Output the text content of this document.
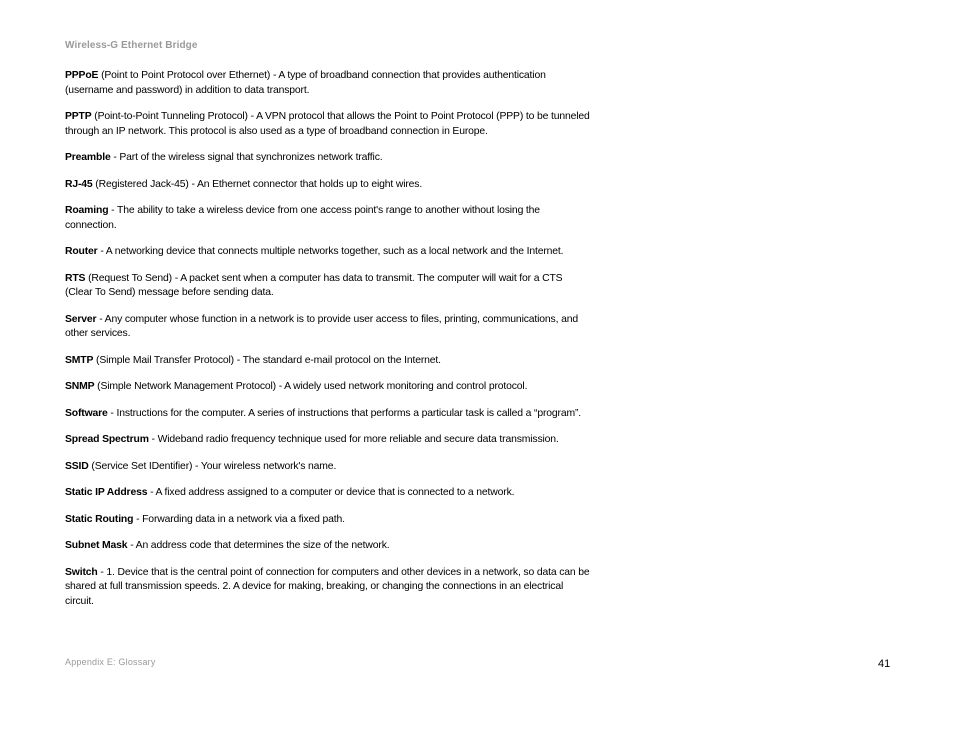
Wireless-G Ethernet Bridge

PPPoE (Point to Point Protocol over Ethernet) - A type of broadband connection that provides authentication (username and password) in addition to data transport.

PPTP (Point-to-Point Tunneling Protocol) - A VPN protocol that allows the Point to Point Protocol (PPP) to be tunneled through an IP network. This protocol is also used as a type of broadband connection in Europe.

Preamble - Part of the wireless signal that synchronizes network traffic.

RJ-45 (Registered Jack-45) - An Ethernet connector that holds up to eight wires.

Roaming - The ability to take a wireless device from one access point's range to another without losing the connection.

Router - A networking device that connects multiple networks together, such as a local network and the Internet.

RTS (Request To Send) - A packet sent when a computer has data to transmit. The computer will wait for a CTS (Clear To Send) message before sending data.

Server - Any computer whose function in a network is to provide user access to files, printing, communications, and other services.

SMTP (Simple Mail Transfer Protocol) - The standard e-mail protocol on the Internet.

SNMP (Simple Network Management Protocol) - A widely used network monitoring and control protocol.

Software - Instructions for the computer. A series of instructions that performs a particular task is called a “program”.

Spread Spectrum - Wideband radio frequency technique used for more reliable and secure data transmission.

SSID (Service Set IDentifier) - Your wireless network's name.

Static IP Address - A fixed address assigned to a computer or device that is connected to a network.

Static Routing - Forwarding data in a network via a fixed path.

Subnet Mask - An address code that determines the size of the network.

Switch - 1. Device that is the central point of connection for computers and other devices in a network, so data can be shared at full transmission speeds. 2. A device for making, breaking, or changing the connections in an electrical circuit.

Appendix E: Glossary	41
